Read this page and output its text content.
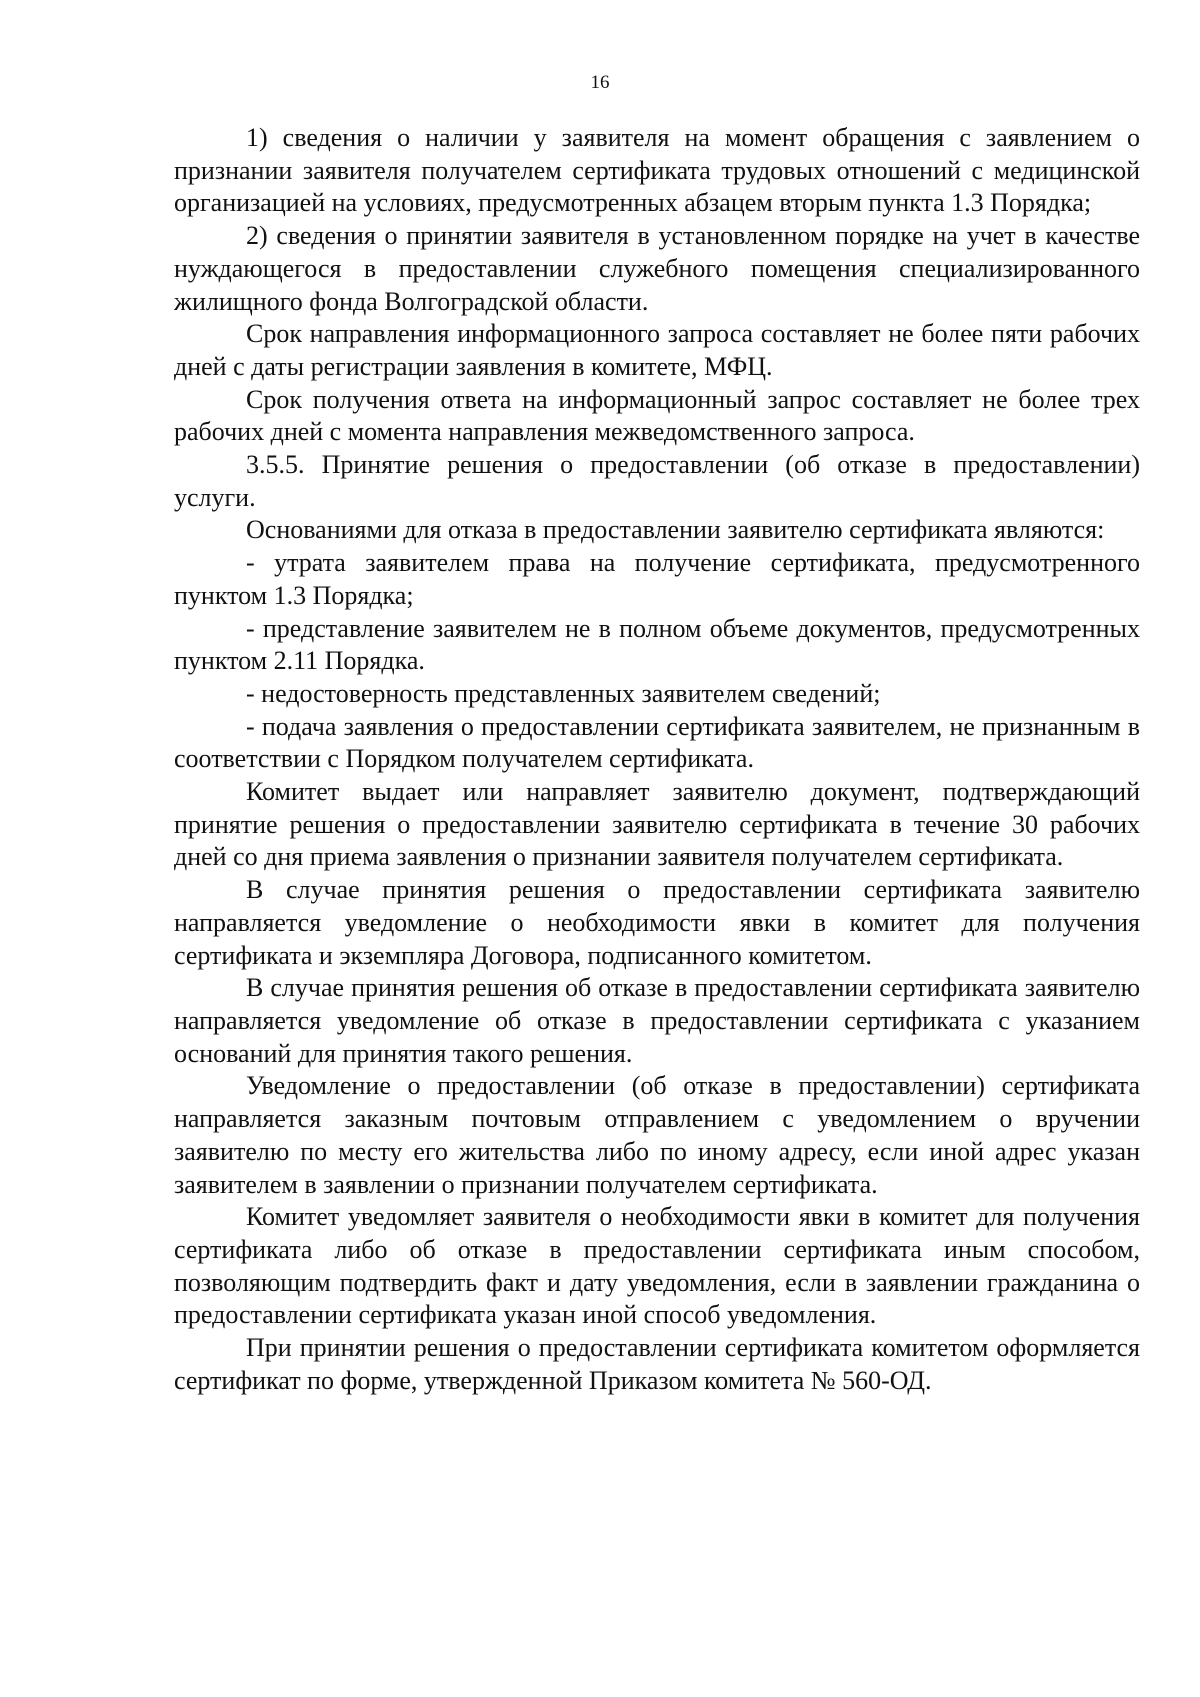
16

1) сведения о наличии у заявителя на момент обращения с заявлением о признании заявителя получателем сертификата трудовых отношений с медицинской организацией на условиях, предусмотренных абзацем вторым пункта 1.3 Порядка;

2) сведения о принятии заявителя в установленном порядке на учет в качестве нуждающегося в предоставлении служебного помещения специализированного жилищного фонда Волгоградской области.

Срок направления информационного запроса составляет не более пяти рабочих дней с даты регистрации заявления в комитете, МФЦ.

Срок получения ответа на информационный запрос составляет не более трех рабочих дней с момента направления межведомственного запроса.

3.5.5. Принятие решения о предоставлении (об отказе в предоставлении) услуги.

Основаниями для отказа в предоставлении заявителю сертификата являются:

- утрата заявителем права на получение сертификата, предусмотренного пунктом 1.3 Порядка;

- представление заявителем не в полном объеме документов, предусмотренных пунктом 2.11 Порядка.

- недостоверность представленных заявителем сведений;

- подача заявления о предоставлении сертификата заявителем, не признанным в соответствии с Порядком получателем сертификата.

Комитет выдает или направляет заявителю документ, подтверждающий принятие решения о предоставлении заявителю сертификата в течение 30 рабочих дней со дня приема заявления о признании заявителя получателем сертификата.

В случае принятия решения о предоставлении сертификата заявителю направляется уведомление о необходимости явки в комитет для получения сертификата и экземпляра Договора, подписанного комитетом.

В случае принятия решения об отказе в предоставлении сертификата заявителю направляется уведомление об отказе в предоставлении сертификата с указанием оснований для принятия такого решения.

Уведомление о предоставлении (об отказе в предоставлении) сертификата направляется заказным почтовым отправлением с уведомлением о вручении заявителю по месту его жительства либо по иному адресу, если иной адрес указан заявителем в заявлении о признании получателем сертификата.

Комитет уведомляет заявителя о необходимости явки в комитет для получения сертификата либо об отказе в предоставлении сертификата иным способом, позволяющим подтвердить факт и дату уведомления, если в заявлении гражданина о предоставлении сертификата указан иной способ уведомления.

При принятии решения о предоставлении сертификата комитетом оформляется сертификат по форме, утвержденной Приказом комитета № 560-ОД.
